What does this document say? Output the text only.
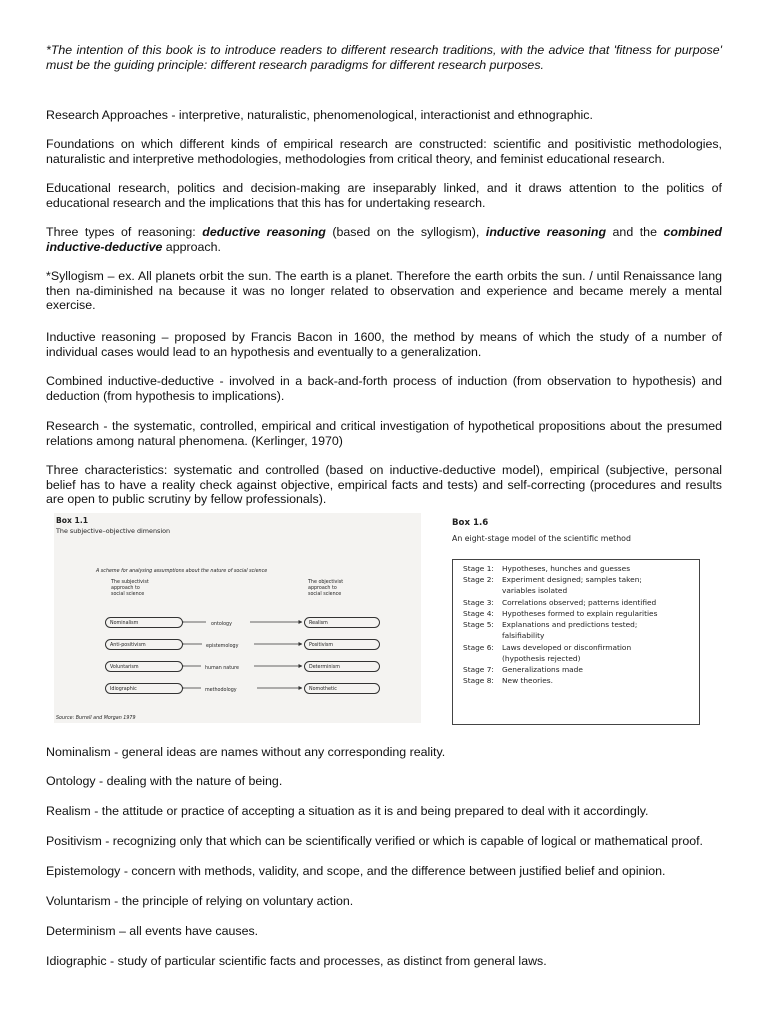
*The intention of this book is to introduce readers to different research traditions, with the advice that 'fitness for purpose' must be the guiding principle: different research paradigms for different research purposes.

Research Approaches - interpretive, naturalistic, phenomenological, interactionist and ethnographic.

Foundations on which different kinds of empirical research are constructed: scientific and positivistic methodologies, naturalistic and interpretive methodologies, methodologies from critical theory, and feminist educational research.

Educational research, politics and decision-making are inseparably linked, and it draws attention to the politics of educational research and the implications that this has for undertaking research.

Three types of reasoning: deductive reasoning (based on the syllogism), inductive reasoning and the combined inductive-deductive approach.

*Syllogism – ex. All planets orbit the sun. The earth is a planet. Therefore the earth orbits the sun. / until Renaissance lang then na-diminished na because it was no longer related to observation and experience and became merely a mental exercise.

Inductive reasoning – proposed by Francis Bacon in 1600, the method by means of which the study of a number of individual cases would lead to an hypothesis and eventually to a generalization.

Combined inductive-deductive - involved in a back-and-forth process of induction (from observation to hypothesis) and deduction (from hypothesis to implications).

Research - the systematic, controlled, empirical and critical investigation of hypothetical propositions about the presumed relations among natural phenomena. (Kerlinger, 1970)

Three characteristics: systematic and controlled (based on inductive-deductive model), empirical (subjective, personal belief has to have a reality check against objective, empirical facts and tests) and self-correcting (procedures and results are open to public scrutiny by fellow professionals).

Box 1.1
The subjective–objective dimension
A scheme for analysing assumptions about the nature of social science
The subjectivist
approach to
social science
The objectivist
approach to
social science
Nominalism	ontology	Realism
Anti-positivism	epistemology	Positivism
Voluntarism	human nature	Determinism
Idiographic	methodology	Nomothetic
Source: Burrell and Morgan 1979
Box 1.6
An eight-stage model of the scientific method
Stage 1: Hypotheses, hunches and guesses
Stage 2: Experiment designed; samples taken;
variables isolated
Stage 3: Correlations observed; patterns identified
Stage 4: Hypotheses formed to explain regularities
Stage 5: Explanations and predictions tested;
falsifiability
Stage 6: Laws developed or disconfirmation
(hypothesis rejected)
Stage 7: Generalizations made
Stage 8: New theories.

Nominalism - general ideas are names without any corresponding reality.

Ontology - dealing with the nature of being.

Realism - the attitude or practice of accepting a situation as it is and being prepared to deal with it accordingly.

Positivism - recognizing only that which can be scientifically verified or which is capable of logical or mathematical proof.

Epistemology - concern with methods, validity, and scope, and the difference between justified belief and opinion.

Voluntarism - the principle of relying on voluntary action.

Determinism – all events have causes.

Idiographic - study of particular scientific facts and processes, as distinct from general laws.
